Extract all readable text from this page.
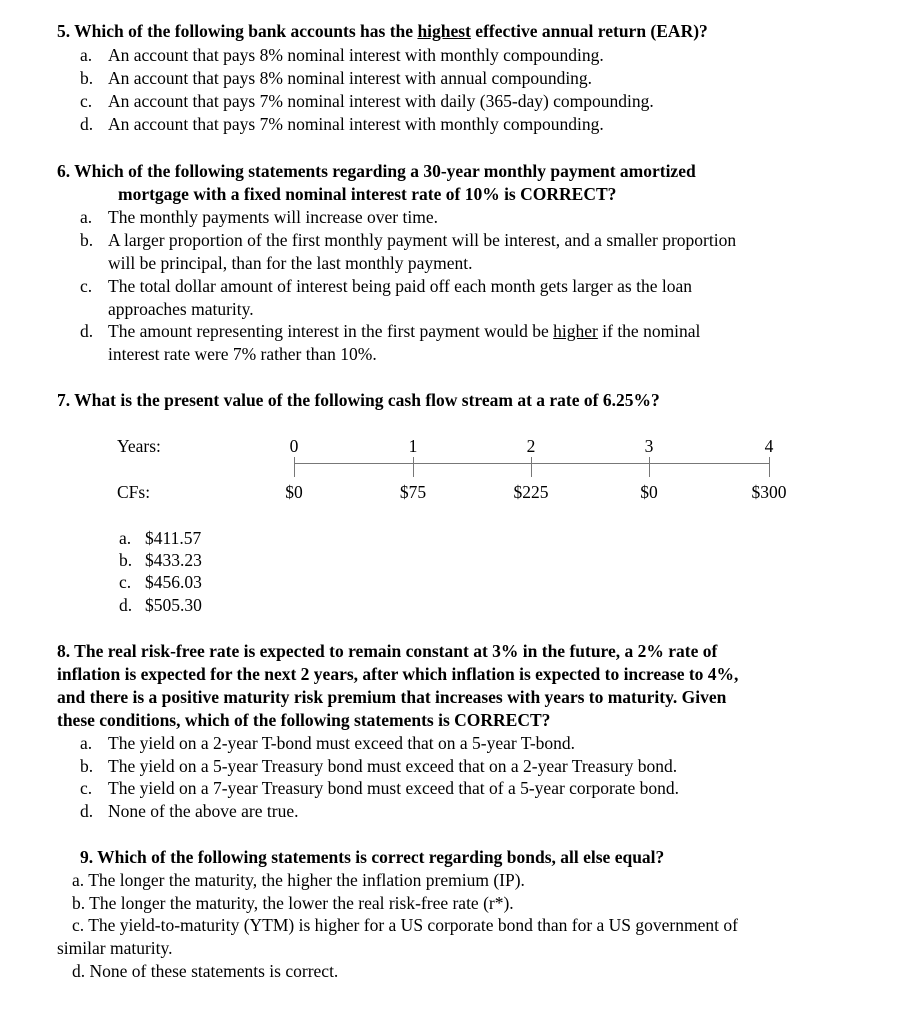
5. Which of the following bank accounts has the highest effective annual return (EAR)?
a. An account that pays 8% nominal interest with monthly compounding.
b. An account that pays 8% nominal interest with annual compounding.
c. An account that pays 7% nominal interest with daily (365-day) compounding.
d. An account that pays 7% nominal interest with monthly compounding.
6. Which of the following statements regarding a 30-year monthly payment amortized
mortgage with a fixed nominal interest rate of 10% is CORRECT?
a. The monthly payments will increase over time.
b. A larger proportion of the first monthly payment will be interest, and a smaller proportion
will be principal, than for the last monthly payment.
c. The total dollar amount of interest being paid off each month gets larger as the loan
approaches maturity.
d. The amount representing interest in the first payment would be higher if the nominal
interest rate were 7% rather than 10%.
7. What is the present value of the following cash flow stream at a rate of 6.25%?
Years:
CFs:
0	1	2	3	4
$0	$75	$225	$0	$300
a. $411.57
b. $433.23
c. $456.03
d. $505.30
8. The real risk-free rate is expected to remain constant at 3% in the future, a 2% rate of
inflation is expected for the next 2 years, after which inflation is expected to increase to 4%,
and there is a positive maturity risk premium that increases with years to maturity. Given
these conditions, which of the following statements is CORRECT?
a. The yield on a 2-year T-bond must exceed that on a 5-year T-bond.
b. The yield on a 5-year Treasury bond must exceed that on a 2-year Treasury bond.
c. The yield on a 7-year Treasury bond must exceed that of a 5-year corporate bond.
d. None of the above are true.
9. Which of the following statements is correct regarding bonds, all else equal?
a. The longer the maturity, the higher the inflation premium (IP).
b. The longer the maturity, the lower the real risk-free rate (r*).
c. The yield-to-maturity (YTM) is higher for a US corporate bond than for a US government of
similar maturity.
d. None of these statements is correct.
